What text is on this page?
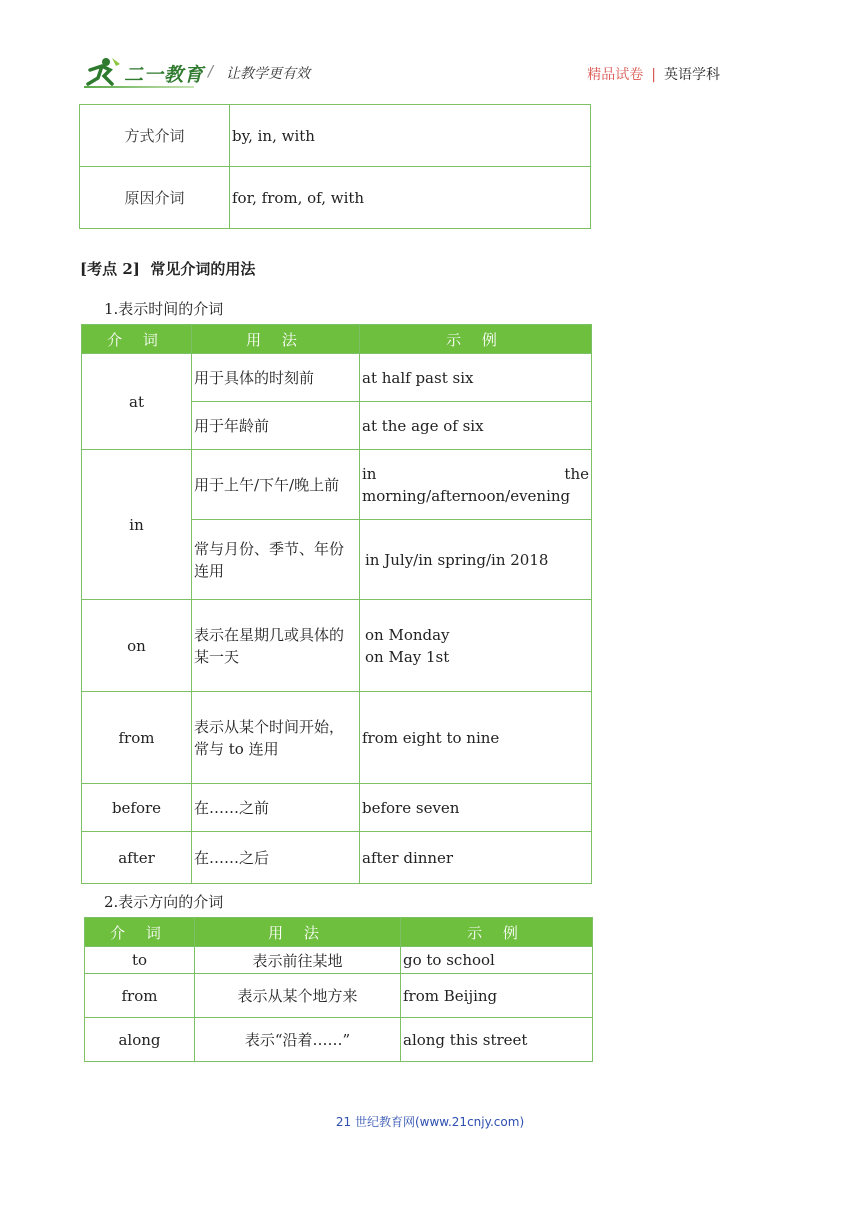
二一教育 / 让教学更有效	精品试卷 | 英语学科
方式介词	by, in, with
原因介词	for, from, of, with
[考点 2] 常见介词的用法
1.表示时间的介词
介 词	用 法	示 例
at	用于具体的时刻前	at half past six
	用于年龄前	at the age of six
in	用于上午/下午/晚上前	in the morning/afternoon/evening
	常与月份、季节、年份连用	in July/in spring/in 2018
on	表示在星期几或具体的某一天	on Monday
on May 1st

from	表示从某个时间开始，常与 to 连用	from eight to nine
before	在……之前	before seven
after	在……之后	after dinner
2.表示方向的介词
介 词	用 法	示 例
to	表示前往某地	go to school
from	表示从某个地方来	from Beijing
along	表示“沿着……”	along this street
21 世纪教育网(www.21cnjy.com)
